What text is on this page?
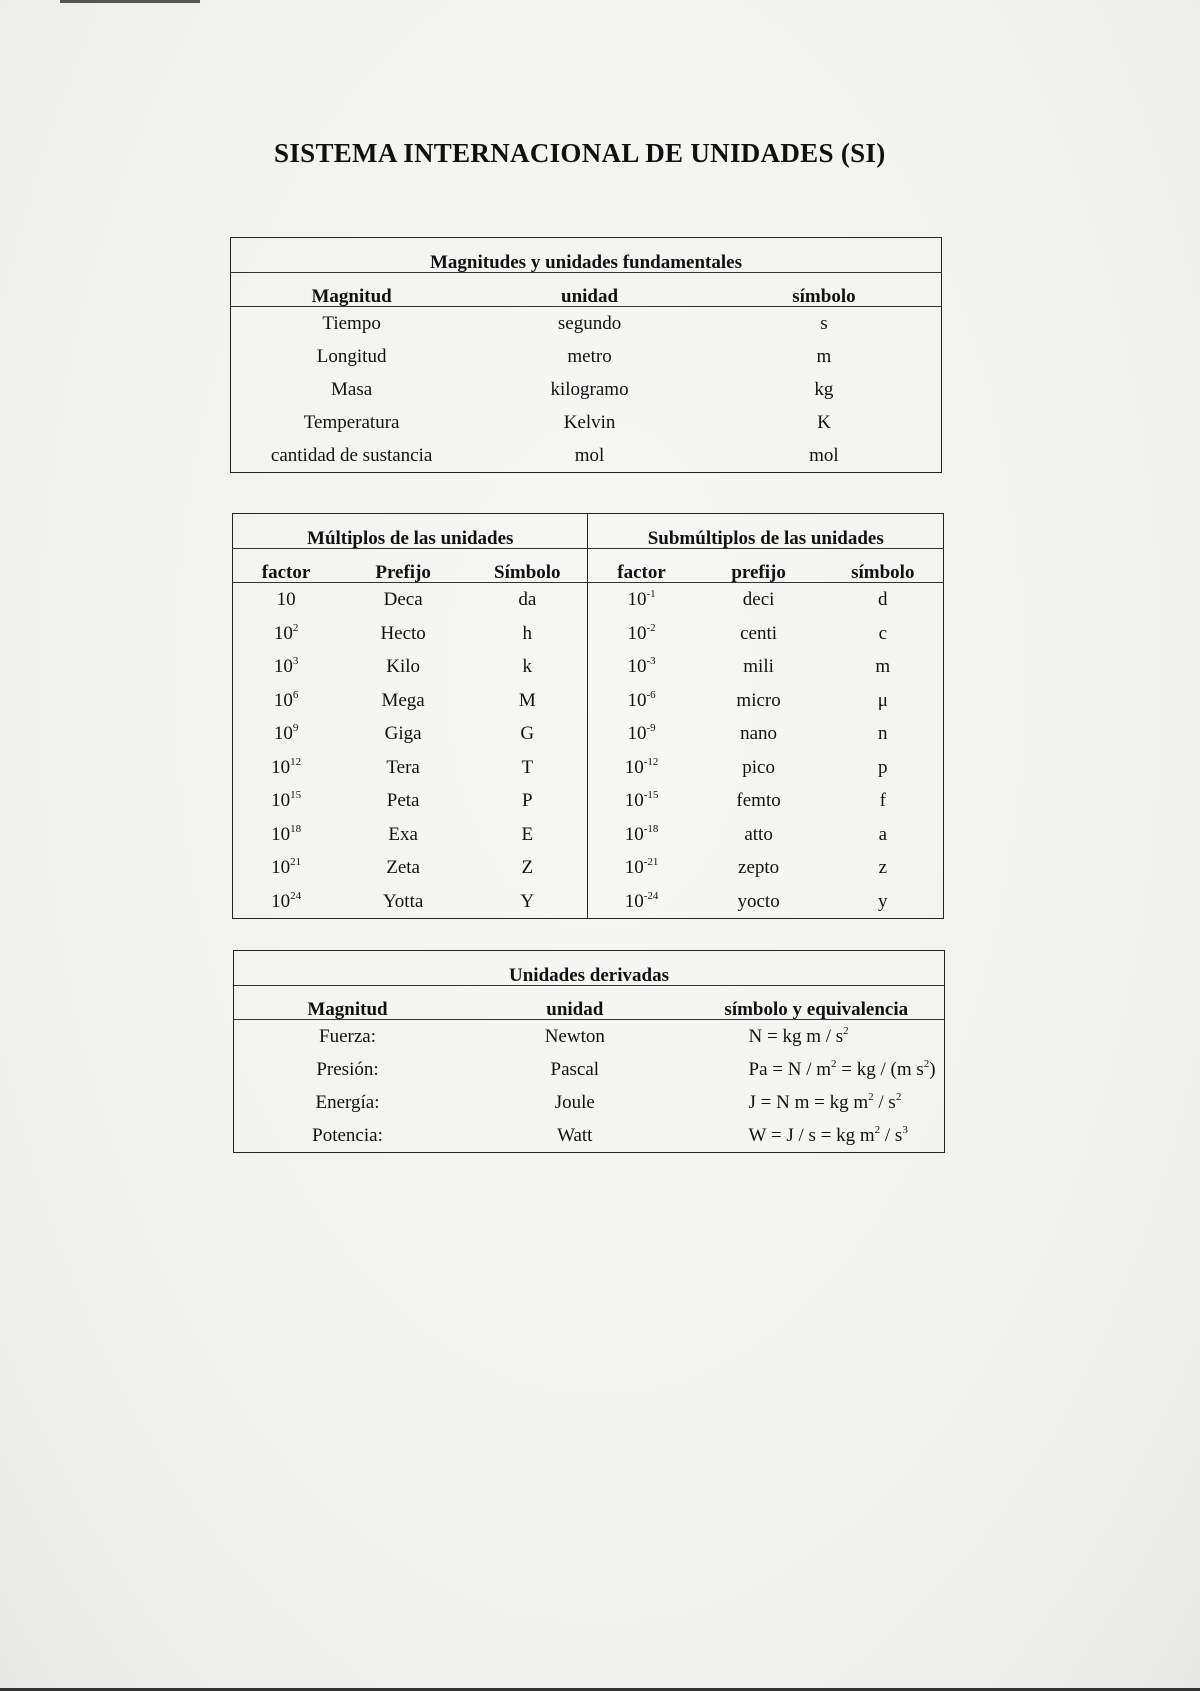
SISTEMA INTERNACIONAL DE UNIDADES (SI)
Magnitudes y unidades fundamentales		
Magnitud	unidad	símbolo
Tiempo	segundo	s
Longitud	metro	m
Masa	kilogramo	kg
Temperatura	Kelvin	K
cantidad de sustancia	mol	mol
Múltiplos de las unidades			Submúltiplos de las unidades		
factor	Prefijo	Símbolo	factor	prefijo	símbolo
10	Deca	da	$10^{-1}$	deci	d
$10^2$	Hecto	h	$10^{-2}$	centi	c
$10^3$	Kilo	k	$10^{-3}$	mili	m
$10^6$	Mega	M	$10^{-6}$	micro	μ
$10^9$	Giga	G	$10^{-9}$	nano	n
$10^{12}$	Tera	T	$10^{-12}$	pico	p
$10^{15}$	Peta	P	$10^{-15}$	femto	f
$10^{18}$	Exa	E	$10^{-18}$	atto	a
$10^{21}$	Zeta	Z	$10^{-21}$	zepto	z
$10^{24}$	Yotta	Y	$10^{-24}$	yocto	y
Unidades derivadas		
Magnitud	unidad	símbolo y equivalencia
Fuerza:	Newton	N = kg m / $s^2$
Presión:	Pascal	$Pa = N / m^2$ = kg / (m $s^2$)
Energía:	Joule	J = N m = kg $m^2 / s^2$
Potencia:	Watt	W = J / s = kg $m^2 / s^3$
